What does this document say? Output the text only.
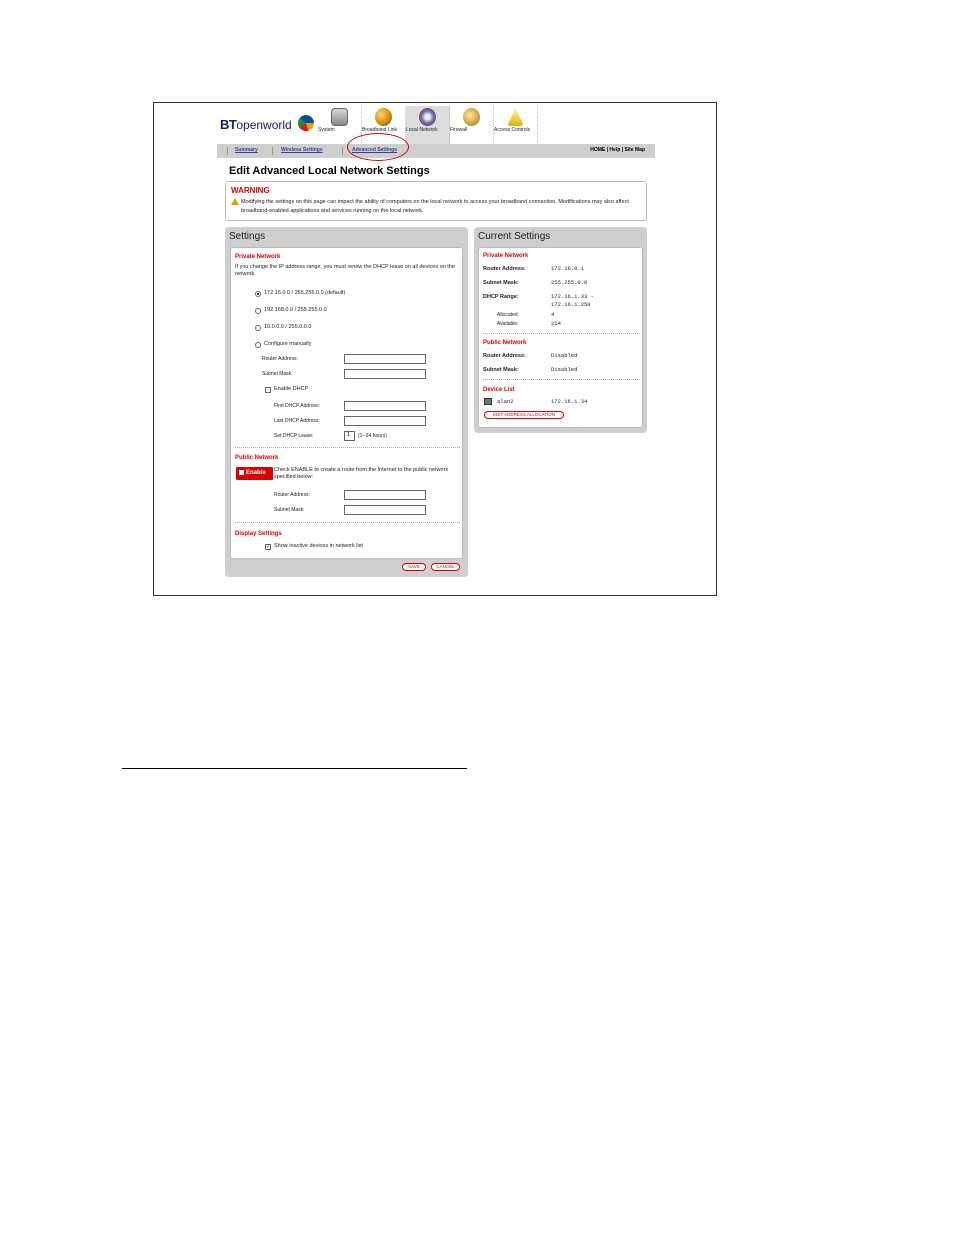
BTopenworld	System	Broadband Link Local Network Firewall	Access Controls
Summary	Wireless Settings	Advanced Settings	HOME | Help | Site Map
Edit Advanced Local Network Settings
WARNING
Modifying the settings on this page can impact the ability of computers on the local network to access your broadband connection. Modifications may also affect broadband-enabled applications and services running on the local network.
Settings
Private Network
If you change the IP address range, you must renew the DHCP lease on all devices on the network.
172.16.0.0 / 255.255.0.0 (default)
192.168.0.0 / 255.255.0.0
10.0.0.0 / 255.0.0.0
Configure manually
Router Address:
Subnet Mask:
Enable DHCP
First DHCP Address:
Last DHCP Address:
Set DHCP Lease:	1	(1--24 hours)
Public Network
Enable	Check ENABLE to create a route from the Internet to the public network specified below:
Router Address:
Subnet Mask:
Display Settings
✓ Show inactive devices in network list
SAVE	CANCEL
Current Settings
Private Network
Router Address:	172.16.0.1
Subnet Mask:	255.255.0.0
DHCP Range:	172.16.1.33 -
172.16.1.250
Allocated:	4
Available:	214
Public Network
Router Address:	Disabled
Subnet Mask:	Disabled
Device List
alan2	172.16.1.34
EDIT ADDRESS ALLOCATION
